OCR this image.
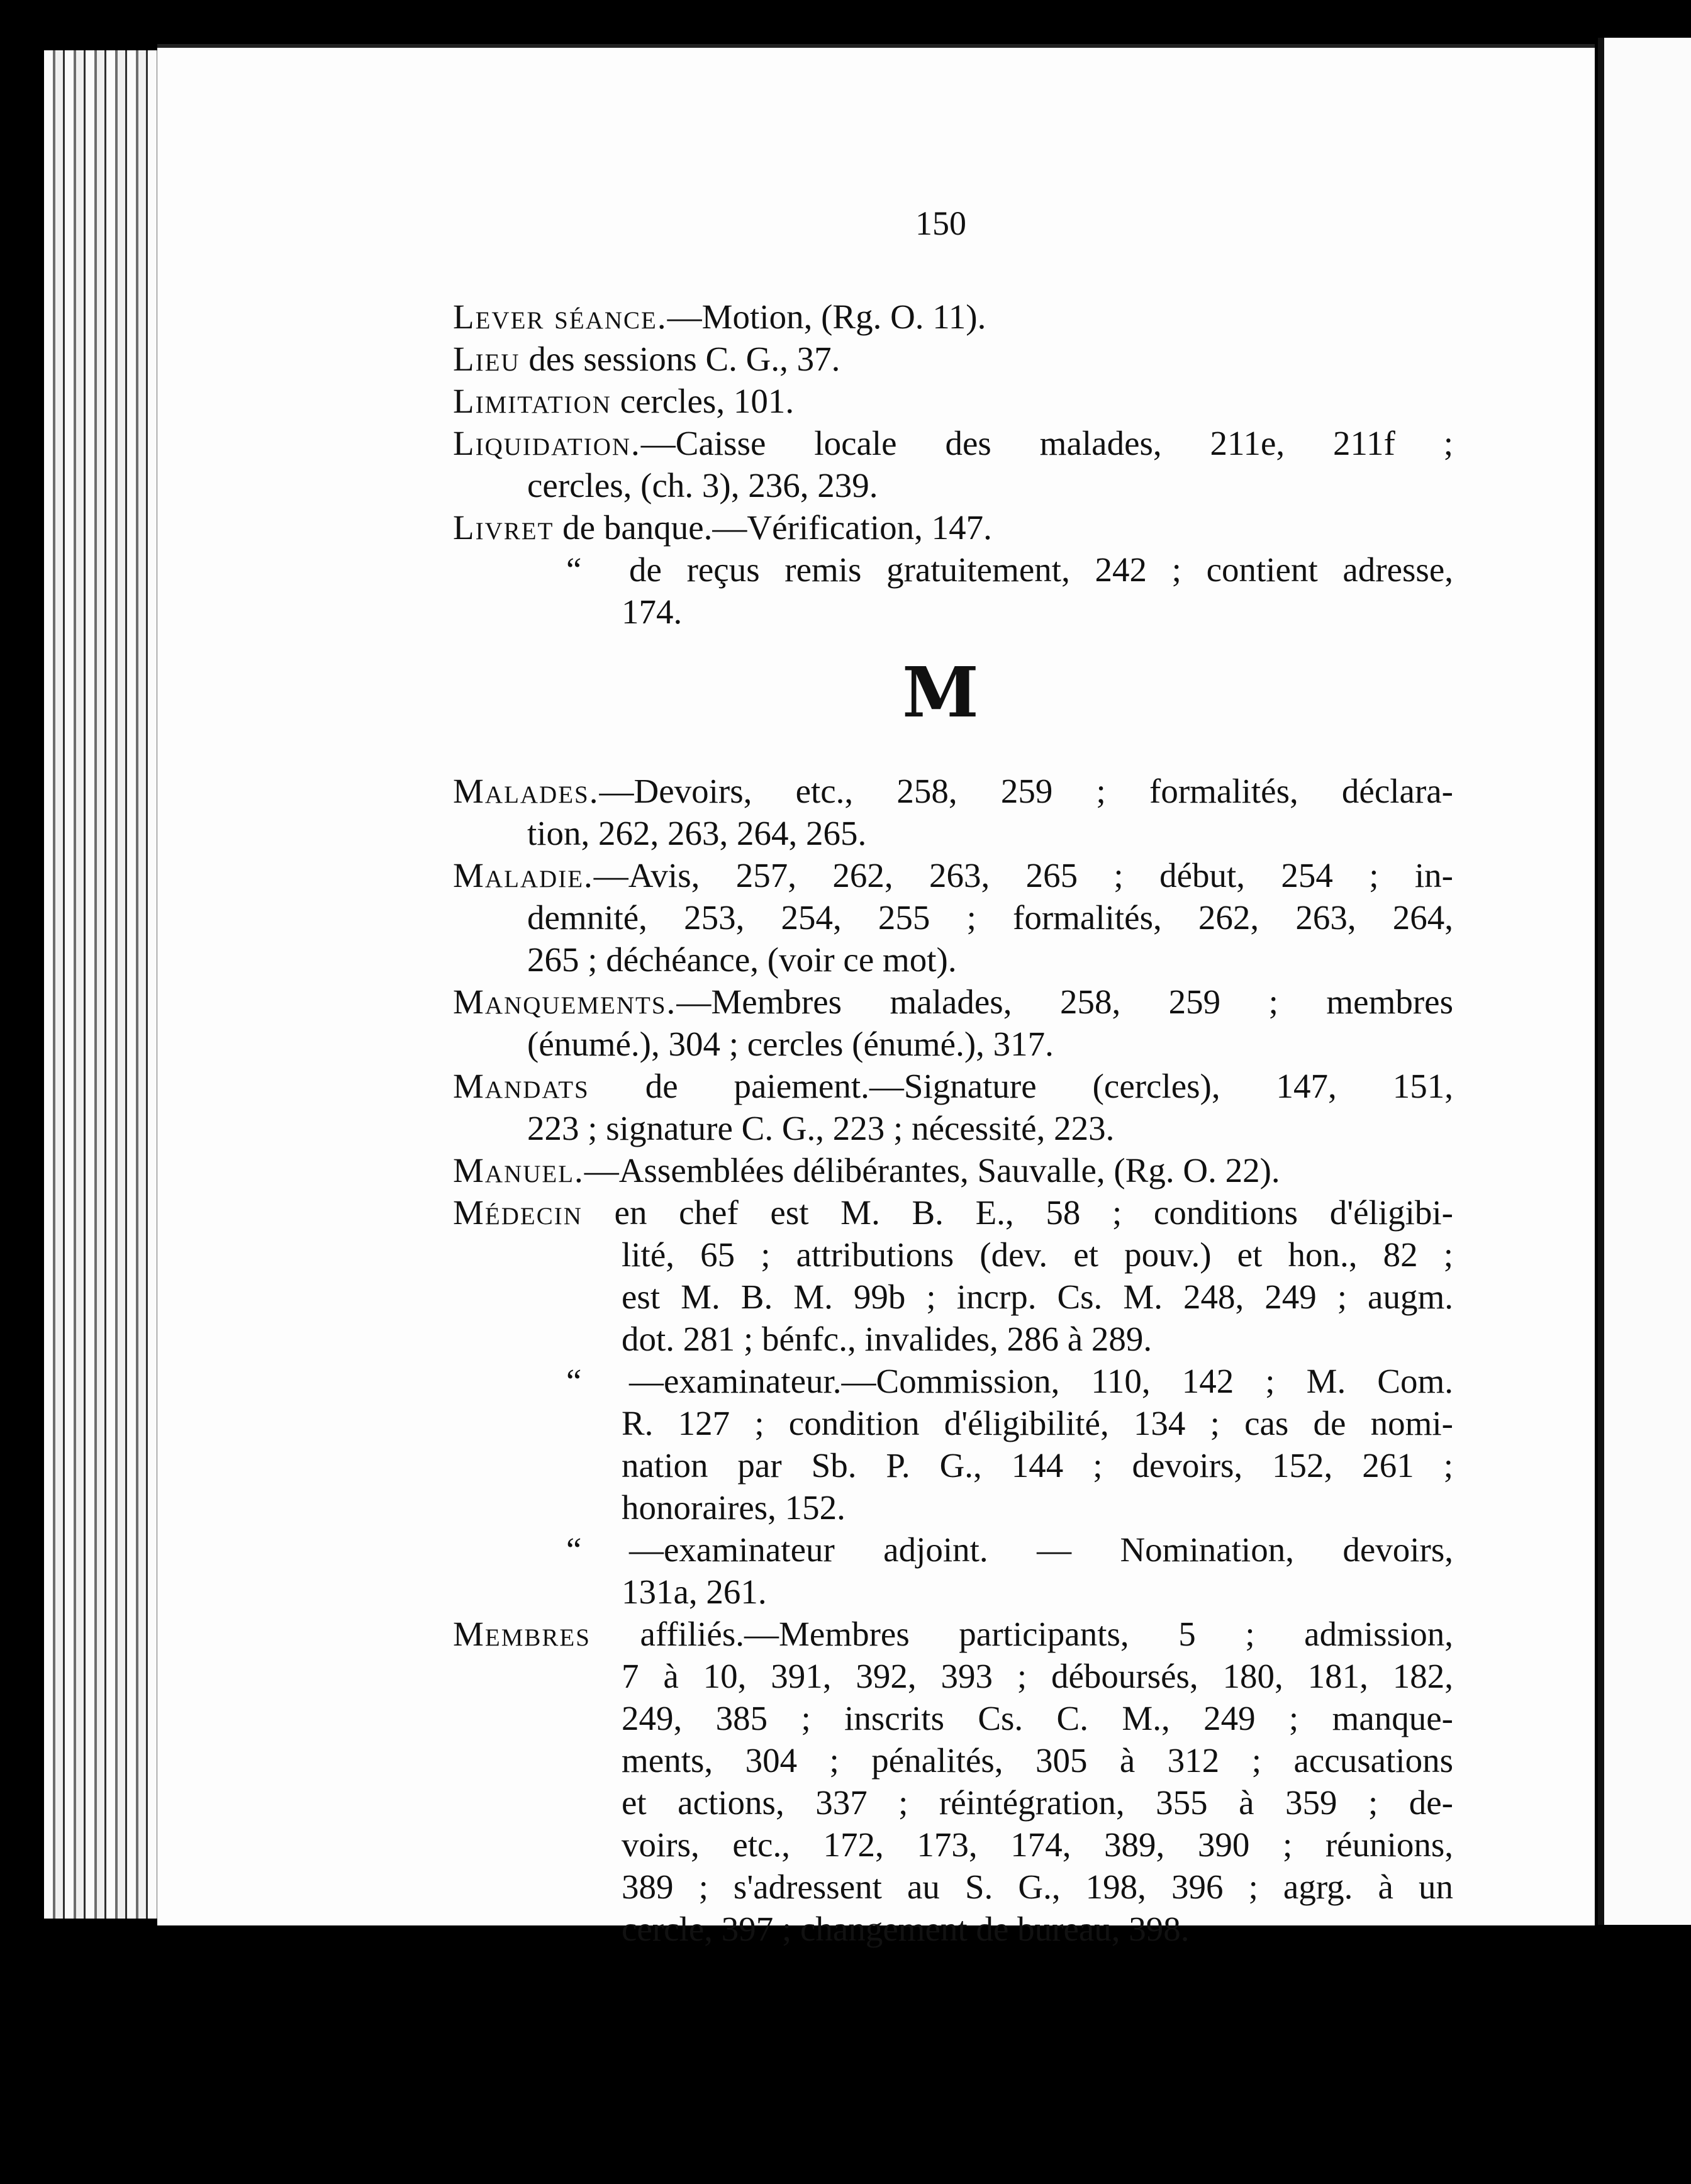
150
Lever séance.—Motion, (Rg. O. 11).
Lieu des sessions C. G., 37.
Limitation cercles, 101.
Liquidation.—Caisse locale des malades, 211e, 211f ;
cercles, (ch. 3), 236, 239.
Livret de banque.—Vérification, 147.
“ de reçus remis gratuitement, 242 ; contient adresse,
174.
M
Malades.—Devoirs, etc., 258, 259 ; formalités, déclara-
tion, 262, 263, 264, 265.
Maladie.—Avis, 257, 262, 263, 265 ; début, 254 ; in-
demnité, 253, 254, 255 ; formalités, 262, 263, 264,
265 ; déchéance, (voir ce mot).
Manquements.—Membres malades, 258, 259 ; membres
(énumé.), 304 ; cercles (énumé.), 317.
Mandats de paiement.—Signature (cercles), 147, 151,
223 ; signature C. G., 223 ; nécessité, 223.
Manuel.—Assemblées délibérantes, Sauvalle, (Rg. O. 22).
Médecin en chef est M. B. E., 58 ; conditions d'éligibi-
lité, 65 ; attributions (dev. et pouv.) et hon., 82 ;
est M. B. M. 99b ; incrp. Cs. M. 248, 249 ; augm.
dot. 281 ; bénfc., invalides, 286 à 289.
“ —examinateur.—Commission, 110, 142 ; M. Com.
R. 127 ; condition d'éligibilité, 134 ; cas de nomi-
nation par Sb. P. G., 144 ; devoirs, 152, 261 ;
honoraires, 152.
“ —examinateur adjoint. — Nomination, devoirs,
131a, 261.
Membres affiliés.—Membres participants, 5 ; admission,
7 à 10, 391, 392, 393 ; déboursés, 180, 181, 182,
249, 385 ; inscrits Cs. C. M., 249 ; manque-
ments, 304 ; pénalités, 305 à 312 ; accusations
et actions, 337 ; réintégration, 355 à 359 ; de-
voirs, etc., 172, 173, 174, 389, 390 ; réunions,
389 ; s'adressent au S. G., 198, 396 ; agrg. à un
cercle, 397 ; changement de bureau, 398.
